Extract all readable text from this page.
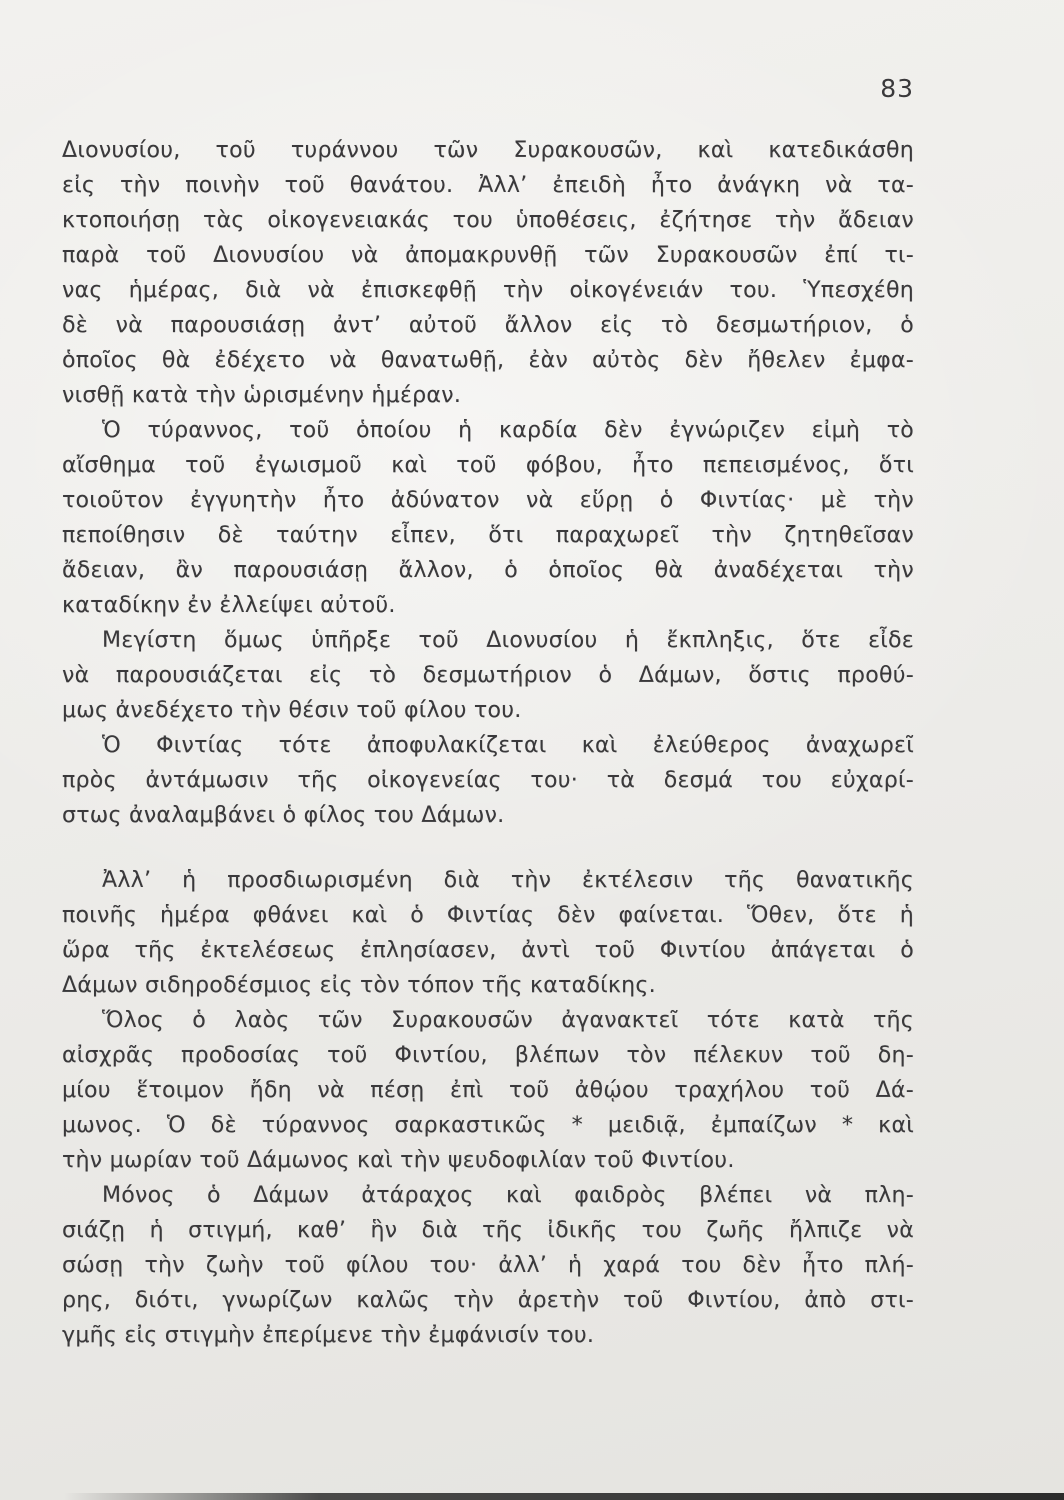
83

Διονυσίου, τοῦ τυράννου τῶν Συρακουσῶν, καὶ κατεδικάσθη
εἰς τὴν ποινὴν τοῦ θανάτου. Ἀλλ’ ἐπειδὴ ἦτο ἀνάγκη νὰ τα-
κτοποιήσῃ τὰς οἰκογενειακάς του ὑποθέσεις, ἐζήτησε τὴν ἄδειαν
παρὰ τοῦ Διονυσίου νὰ ἀπομακρυνθῇ τῶν Συρακουσῶν ἐπί τι-
νας ἡμέρας, διὰ νὰ ἐπισκεφθῇ τὴν οἰκογένειάν του. Ὑπεσχέθη
δὲ νὰ παρουσιάσῃ ἀντ’ αὐτοῦ ἄλλον εἰς τὸ δεσμωτήριον, ὁ
ὁποῖος θὰ ἐδέχετο νὰ θανατωθῇ, ἐὰν αὐτὸς δὲν ἤθελεν ἐμφα-
νισθῇ κατὰ τὴν ὡρισμένην ἡμέραν.

Ὁ τύραννος, τοῦ ὁποίου ἡ καρδία δὲν ἐγνώριζεν εἰμὴ τὸ
αἴσθημα τοῦ ἐγωισμοῦ καὶ τοῦ φόβου, ἦτο πεπεισμένος, ὅτι
τοιοῦτον ἐγγυητὴν ἦτο ἀδύνατον νὰ εὕρῃ ὁ Φιντίας· μὲ τὴν
πεποίθησιν δὲ ταύτην εἶπεν, ὅτι παραχωρεῖ τὴν ζητηθεῖσαν
ἄδειαν, ἂν παρουσιάσῃ ἄλλον, ὁ ὁποῖος θὰ ἀναδέχεται τὴν
καταδίκην ἐν ἐλλείψει αὐτοῦ.

Μεγίστη ὅμως ὑπῆρξε τοῦ Διονυσίου ἡ ἔκπληξις, ὅτε εἶδε
νὰ παρουσιάζεται εἰς τὸ δεσμωτήριον ὁ Δάμων, ὅστις προθύ-
μως ἀνεδέχετο τὴν θέσιν τοῦ φίλου του.

Ὁ Φιντίας τότε ἀποφυλακίζεται καὶ ἐλεύθερος ἀναχωρεῖ
πρὸς ἀντάμωσιν τῆς οἰκογενείας του· τὰ δεσμά του εὐχαρί-
στως ἀναλαμβάνει ὁ φίλος του Δάμων.

Ἀλλ’ ἡ προσδιωρισμένη διὰ τὴν ἐκτέλεσιν τῆς θανατικῆς
ποινῆς ἡμέρα φθάνει καὶ ὁ Φιντίας δὲν φαίνεται. Ὅθεν, ὅτε ἡ
ὥρα τῆς ἐκτελέσεως ἐπλησίασεν, ἀντὶ τοῦ Φιντίου ἀπάγεται ὁ
Δάμων σιδηροδέσμιος εἰς τὸν τόπον τῆς καταδίκης.

Ὅλος ὁ λαὸς τῶν Συρακουσῶν ἀγανακτεῖ τότε κατὰ τῆς
αἰσχρᾶς προδοσίας τοῦ Φιντίου, βλέπων τὸν πέλεκυν τοῦ δη-
μίου ἕτοιμον ἤδη νὰ πέσῃ ἐπὶ τοῦ ἀθῴου τραχήλου τοῦ Δά-
μωνος. Ὁ δὲ τύραννος σαρκαστικῶς * μειδιᾷ, ἐμπαίζων * καὶ
τὴν μωρίαν τοῦ Δάμωνος καὶ τὴν ψευδοφιλίαν τοῦ Φιντίου.

Μόνος ὁ Δάμων ἀτάραχος καὶ φαιδρὸς βλέπει νὰ πλη-
σιάζῃ ἡ στιγμή, καθ’ ἣν διὰ τῆς ἰδικῆς του ζωῆς ἤλπιζε νὰ
σώσῃ τὴν ζωὴν τοῦ φίλου του· ἀλλ’ ἡ χαρά του δὲν ἦτο πλή-
ρης, διότι, γνωρίζων καλῶς τὴν ἀρετὴν τοῦ Φιντίου, ἀπὸ στι-
γμῆς εἰς στιγμὴν ἐπερίμενε τὴν ἐμφάνισίν του.
